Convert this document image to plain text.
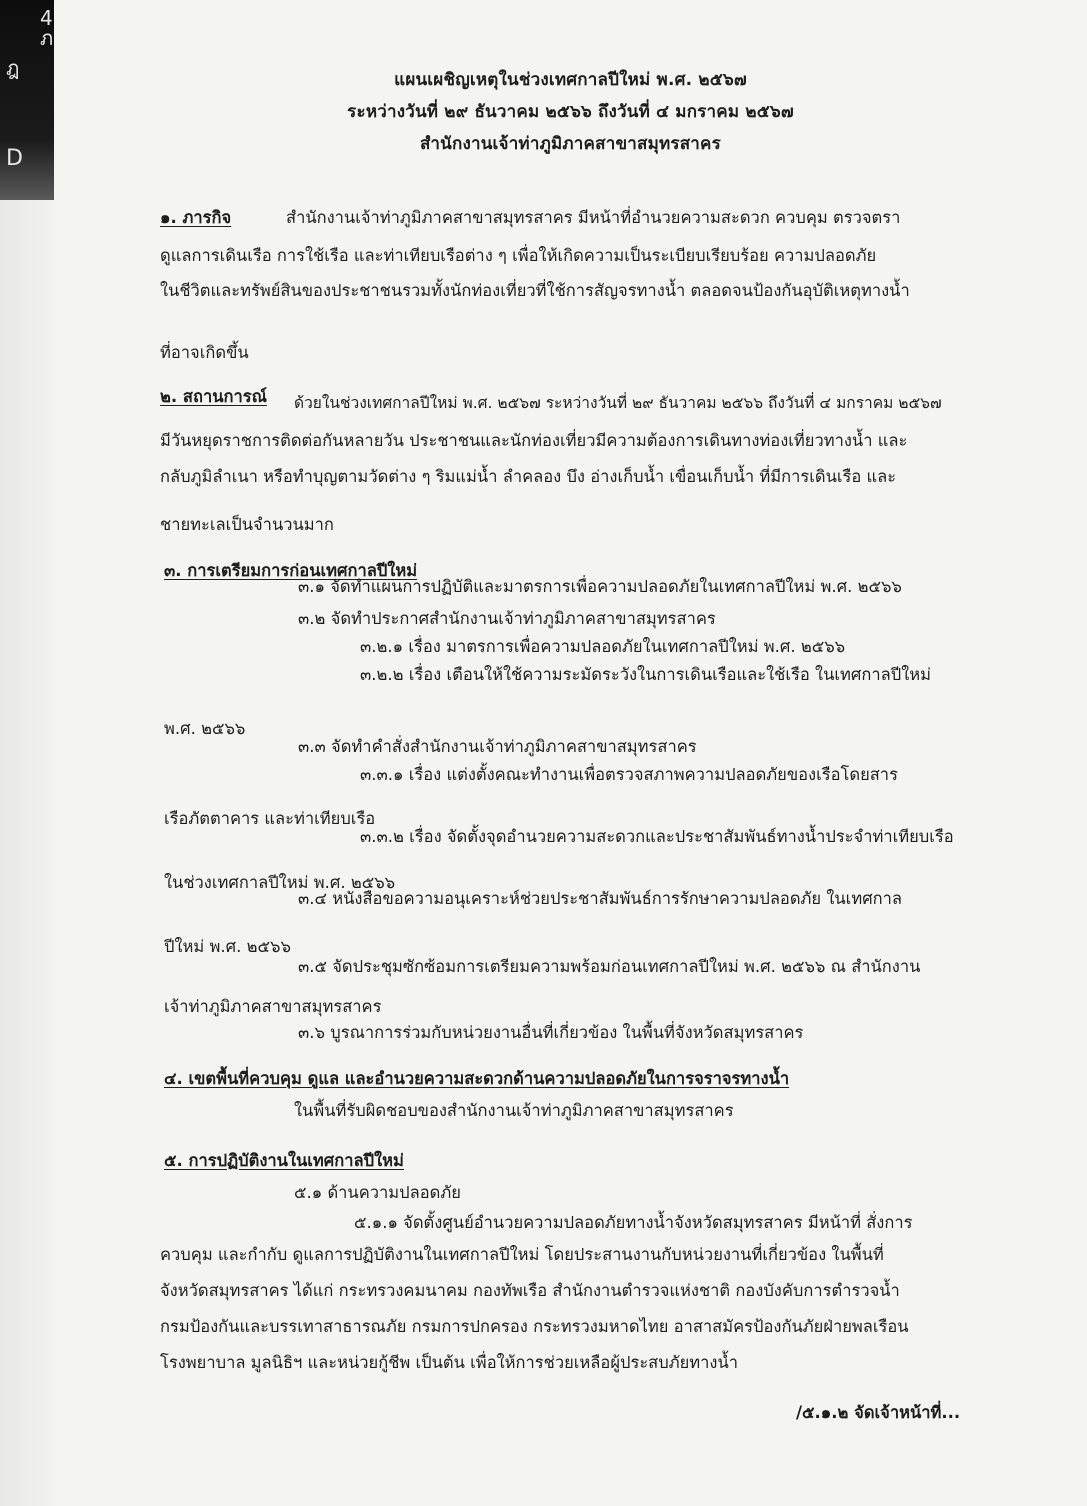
4 ภ
ฎ
D
แผนเผชิญเหตุในช่วงเทศกาลปีใหม่ พ.ศ. ๒๕๖๗
ระหว่างวันที่ ๒๙ ธันวาคม ๒๕๖๖ ถึงวันที่ ๔ มกราคม ๒๕๖๗
สำนักงานเจ้าท่าภูมิภาคสาขาสมุทรสาคร
๑. ภารกิจ	สำนักงานเจ้าท่าภูมิภาคสาขาสมุทรสาคร มีหน้าที่อำนวยความสะดวก ควบคุม ตรวจตรา
ดูแลการเดินเรือ การใช้เรือ และท่าเทียบเรือต่าง ๆ เพื่อให้เกิดความเป็นระเบียบเรียบร้อย ความปลอดภัย
ในชีวิตและทรัพย์สินของประชาชนรวมทั้งนักท่องเที่ยวที่ใช้การสัญจรทางน้ำ ตลอดจนป้องกันอุบัติเหตุทางน้ำ
ที่อาจเกิดขึ้น
๒. สถานการณ์ ด้วยในช่วงเทศกาลปีใหม่ พ.ศ. ๒๕๖๗ ระหว่างวันที่ ๒๙ ธันวาคม ๒๕๖๖ ถึงวันที่ ๔ มกราคม ๒๕๖๗
มีวันหยุดราชการติดต่อกันหลายวัน ประชาชนและนักท่องเที่ยวมีความต้องการเดินทางท่องเที่ยวทางน้ำ และ
กลับภูมิลำเนา หรือทำบุญตามวัดต่าง ๆ ริมแม่น้ำ ลำคลอง บึง อ่างเก็บน้ำ เขื่อนเก็บน้ำ ที่มีการเดินเรือ และ
ชายทะเลเป็นจำนวนมาก
๓. การเตรียมการก่อนเทศกาลปีใหม่
๓.๑ จัดทำแผนการปฏิบัติและมาตรการเพื่อความปลอดภัยในเทศกาลปีใหม่ พ.ศ. ๒๕๖๖
๓.๒ จัดทำประกาศสำนักงานเจ้าท่าภูมิภาคสาขาสมุทรสาคร
๓.๒.๑ เรื่อง มาตรการเพื่อความปลอดภัยในเทศกาลปีใหม่ พ.ศ. ๒๕๖๖
๓.๒.๒ เรื่อง เตือนให้ใช้ความระมัดระวังในการเดินเรือและใช้เรือ ในเทศกาลปีใหม่
พ.ศ. ๒๕๖๖
๓.๓ จัดทำคำสั่งสำนักงานเจ้าท่าภูมิภาคสาขาสมุทรสาคร
๓.๓.๑ เรื่อง แต่งตั้งคณะทำงานเพื่อตรวจสภาพความปลอดภัยของเรือโดยสาร
เรือภัตตาคาร และท่าเทียบเรือ
๓.๓.๒ เรื่อง จัดตั้งจุดอำนวยความสะดวกและประชาสัมพันธ์ทางน้ำประจำท่าเทียบเรือ
ในช่วงเทศกาลปีใหม่ พ.ศ. ๒๕๖๖
๓.๔ หนังสือขอความอนุเคราะห์ช่วยประชาสัมพันธ์การรักษาความปลอดภัย ในเทศกาล
ปีใหม่ พ.ศ. ๒๕๖๖
๓.๕ จัดประชุมซักซ้อมการเตรียมความพร้อมก่อนเทศกาลปีใหม่ พ.ศ. ๒๕๖๖ ณ สำนักงาน
เจ้าท่าภูมิภาคสาขาสมุทรสาคร
๓.๖ บูรณาการร่วมกับหน่วยงานอื่นที่เกี่ยวข้อง ในพื้นที่จังหวัดสมุทรสาคร
๔. เขตพื้นที่ควบคุม ดูแล และอำนวยความสะดวกด้านความปลอดภัยในการจราจรทางน้ำ
ในพื้นที่รับผิดชอบของสำนักงานเจ้าท่าภูมิภาคสาขาสมุทรสาคร
๕. การปฏิบัติงานในเทศกาลปีใหม่
๕.๑ ด้านความปลอดภัย
๕.๑.๑ จัดตั้งศูนย์อำนวยความปลอดภัยทางน้ำจังหวัดสมุทรสาคร มีหน้าที่ สั่งการ
ควบคุม และกำกับ ดูแลการปฏิบัติงานในเทศกาลปีใหม่ โดยประสานงานกับหน่วยงานที่เกี่ยวข้อง ในพื้นที่
จังหวัดสมุทรสาคร ได้แก่ กระทรวงคมนาคม กองทัพเรือ สำนักงานตำรวจแห่งชาติ กองบังคับการตำรวจน้ำ
กรมป้องกันและบรรเทาสาธารณภัย กรมการปกครอง กระทรวงมหาดไทย อาสาสมัครป้องกันภัยฝ่ายพลเรือน
โรงพยาบาล มูลนิธิฯ และหน่วยกู้ชีพ เป็นต้น เพื่อให้การช่วยเหลือผู้ประสบภัยทางน้ำ
/๕.๑.๒ จัดเจ้าหน้าที่...
